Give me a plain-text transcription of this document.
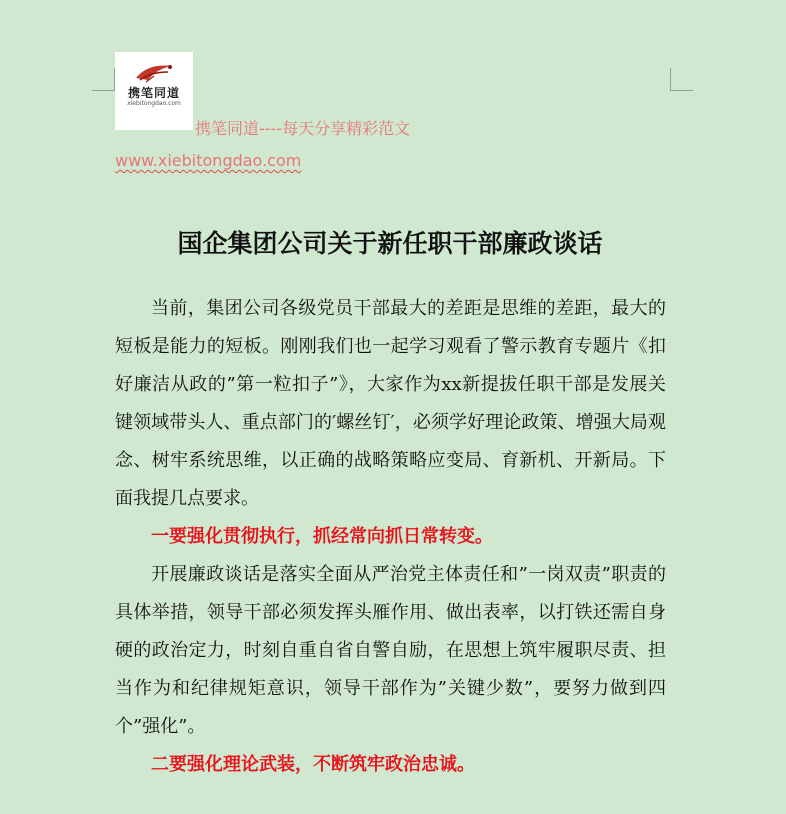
携笔同道
xiebitongdao.com
携笔同道----每天分享精彩范文
www.xiebitongdao.com
国企集团公司关于新任职干部廉政谈话

当前，集团公司各级党员干部最大的差距是思维的差距，最大的短板是能力的短板。刚刚我们也一起学习观看了警示教育专题片《扣好廉洁从政的”第一粒扣子”》，大家作为xx新提拔任职干部是发展关键领域带头人、重点部门的′螺丝钉′，必须学好理论政策、增强大局观念、树牢系统思维，以正确的战略策略应变局、育新机、开新局。下面我提几点要求。

一要强化贯彻执行，抓经常向抓日常转变。

开展廉政谈话是落实全面从严治党主体责任和”一岗双责”职责的具体举措，领导干部必须发挥头雁作用、做出表率，以打铁还需自身硬的政治定力，时刻自重自省自警自励，在思想上筑牢履职尽责、担当作为和纪律规矩意识，领导干部作为”关键少数”，要努力做到四个”强化”。

二要强化理论武装，不断筑牢政治忠诚。
